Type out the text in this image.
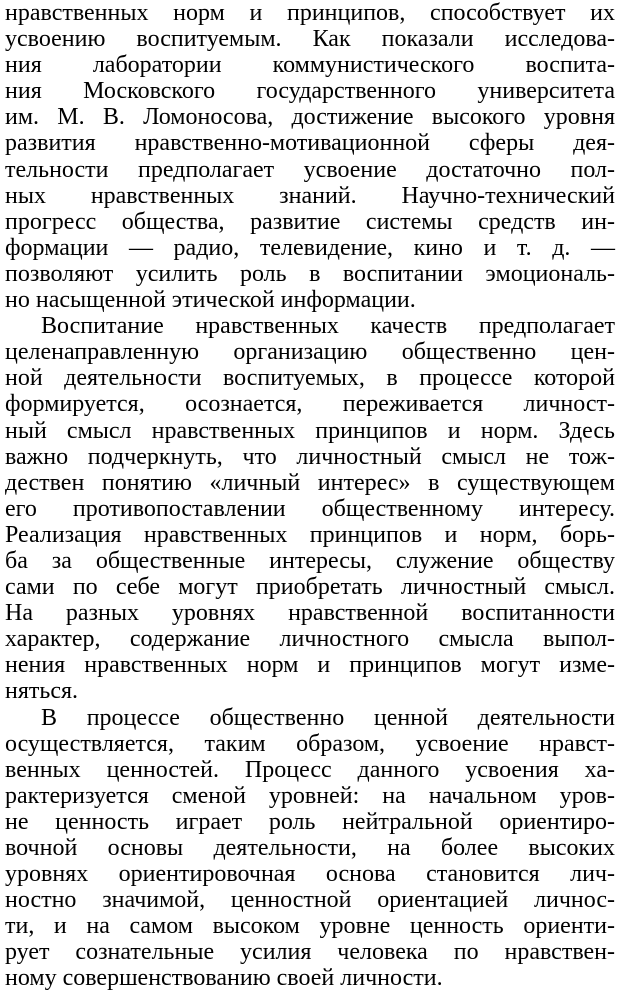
нравственных норм и принципов, способствует их
усвоению воспитуемым. Как показали исследова-
ния лаборатории коммунистического воспита-
ния Московского государственного университета
им. М. В. Ломоносова, достижение высокого уровня
развития нравственно-мотивационной сферы дея-
тельности предполагает усвоение достаточно пол-
ных нравственных знаний. Научно-технический
прогресс общества, развитие системы средств ин-
формации — радио, телевидение, кино и т. д. —
позволяют усилить роль в воспитании эмоциональ-
но насыщенной этической информации.
Воспитание нравственных качеств предполагает
целенаправленную организацию общественно цен-
ной деятельности воспитуемых, в процессе которой
формируется, осознается, переживается личност-
ный смысл нравственных принципов и норм. Здесь
важно подчеркнуть, что личностный смысл не тож-
дествен понятию «личный интерес» в существующем
его противопоставлении общественному интересу.
Реализация нравственных принципов и норм, борь-
ба за общественные интересы, служение обществу
сами по себе могут приобретать личностный смысл.
На разных уровнях нравственной воспитанности
характер, содержание личностного смысла выпол-
нения нравственных норм и принципов могут изме-
няться.
В процессе общественно ценной деятельности
осуществляется, таким образом, усвоение нравст-
венных ценностей. Процесс данного усвоения ха-
рактеризуется сменой уровней: на начальном уров-
не ценность играет роль нейтральной ориентиро-
вочной основы деятельности, на более высоких
уровнях ориентировочная основа становится лич-
ностно значимой, ценностной ориентацией личнос-
ти, и на самом высоком уровне ценность ориенти-
рует сознательные усилия человека по нравствен-
ному совершенствованию своей личности.
